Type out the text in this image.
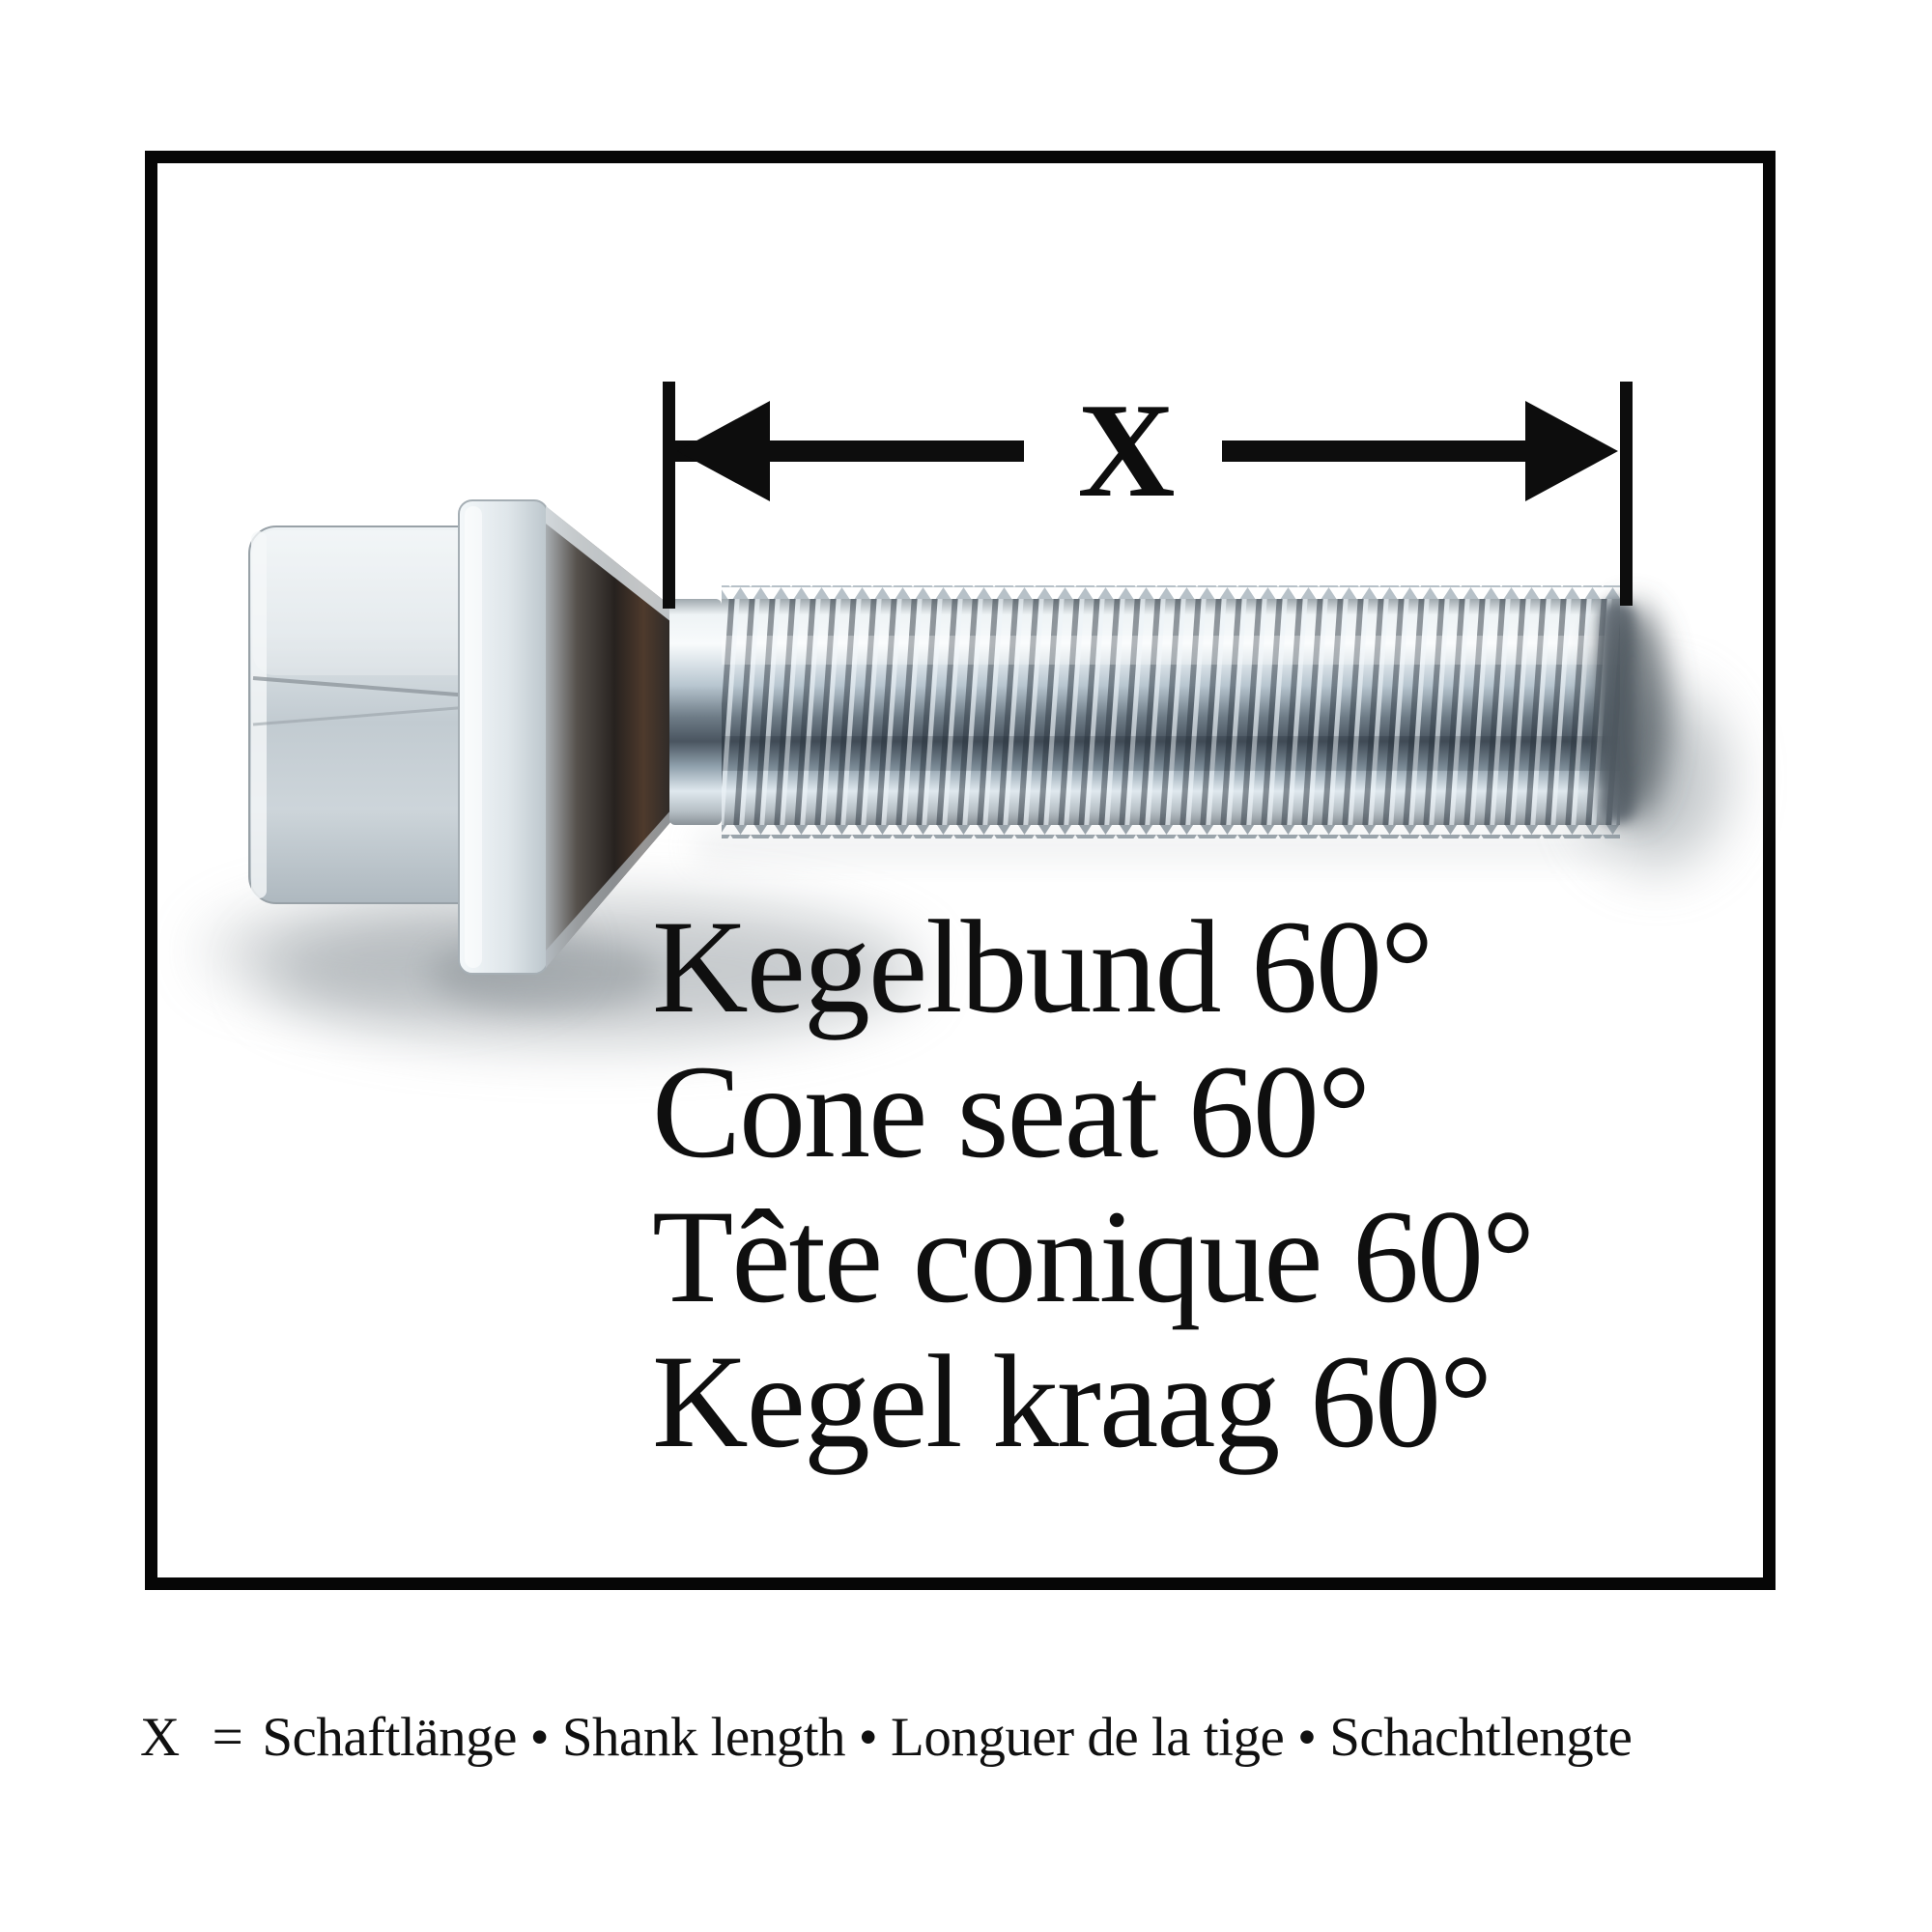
X
Kegelbund 60°
Cone seat 60°
Tête conique 60°
Kegel kraag 60°
X = Schaftlänge • Shank length • Longuer de la tige • Schachtlengte
